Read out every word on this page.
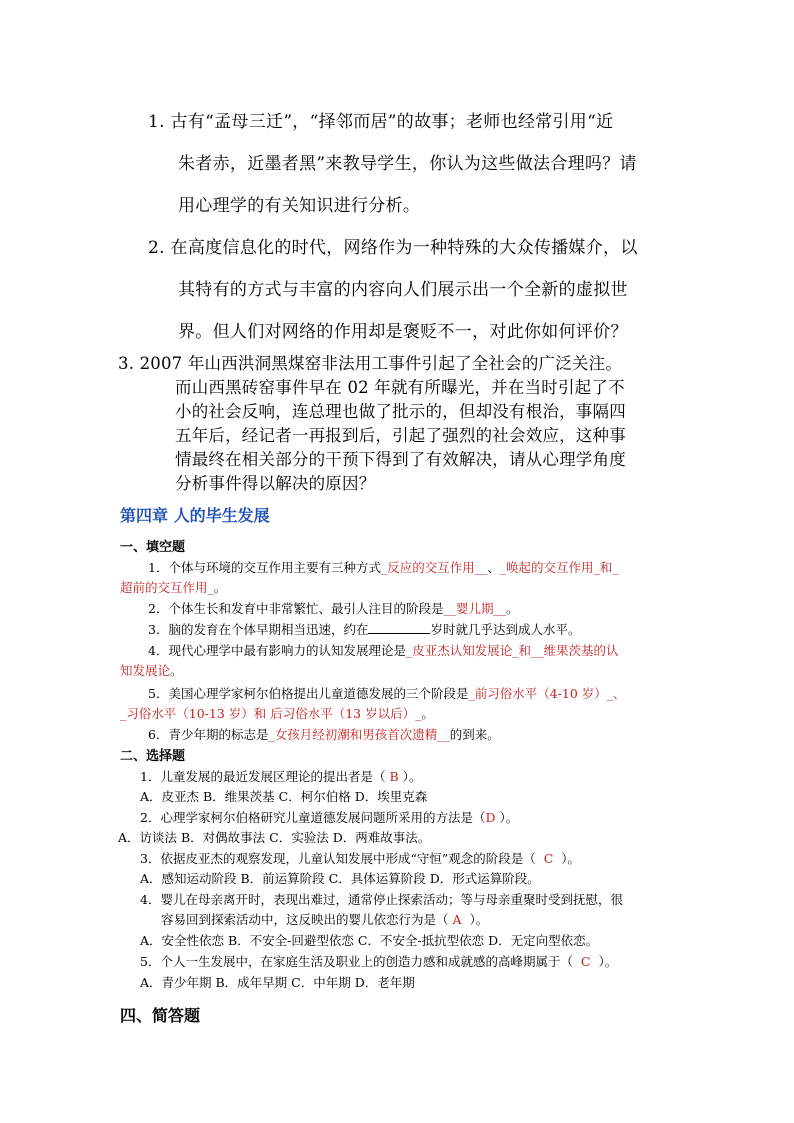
1. 古有“孟母三迁”，“择邻而居”的故事；老师也经常引用“近
朱者赤，近墨者黑”来教导学生，你认为这些做法合理吗？请
用心理学的有关知识进行分析。
2. 在高度信息化的时代，网络作为一种特殊的大众传播媒介，以
其特有的方式与丰富的内容向人们展示出一个全新的虚拟世
界。但人们对网络的作用却是褒贬不一，对此你如何评价？
3. 2007 年山西洪洞黑煤窑非法用工事件引起了全社会的广泛关注。
而山西黑砖窑事件早在 02 年就有所曝光，并在当时引起了不
小的社会反响，连总理也做了批示的，但却没有根治，事隔四
五年后，经记者一再报到后，引起了强烈的社会效应，这种事
情最终在相关部分的干预下得到了有效解决，请从心理学角度
分析事件得以解决的原因？
第四章 人的毕生发展
一、填空题
1．个体与环境的交互作用主要有三种方式_反应的交互作用__、_唤起的交互作用_和_
超前的交互作用_。
2．个体生长和发育中非常繁忙、最引人注目的阶段是__婴儿期__。
3．脑的发育在个体早期相当迅速，约在	岁时就几乎达到成人水平。
4．现代心理学中最有影响力的认知发展理论是_皮亚杰认知发展论_和__维果茨基的认
知发展论。
5．美国心理学家柯尔伯格提出儿童道德发展的三个阶段是_前习俗水平（4-10 岁）_、
_习俗水平（10-13 岁）和 后习俗水平（13 岁以后）_。
6．青少年期的标志是_女孩月经初潮和男孩首次遗精__的到来。
二、选择题
1．儿童发展的最近发展区理论的提出者是（ B ）。
A．皮亚杰 B．维果茨基 C．柯尔伯格 D．埃里克森
2．心理学家柯尔伯格研究儿童道德发展问题所采用的方法是（D ）。
A．访谈法 B．对偶故事法 C．实验法 D．两难故事法。
3．依据皮亚杰的观察发现，儿童认知发展中形成“守恒”观念的阶段是（ C ）。
A．感知运动阶段 B．前运算阶段 C．具体运算阶段 D．形式运算阶段。
4．婴儿在母亲离开时，表现出难过，通常停止探索活动；等与母亲重聚时受到抚慰，很
容易回到探索活动中，这反映出的婴儿依恋行为是（ A ）。
A．安全性依恋 B．不安全-回避型依恋 C．不安全-抵抗型依恋 D．无定向型依恋。
5．个人一生发展中，在家庭生活及职业上的创造力感和成就感的高峰期属于（ C ）。
A．青少年期 B．成年早期 C．中年期 D．老年期
四、简答题
